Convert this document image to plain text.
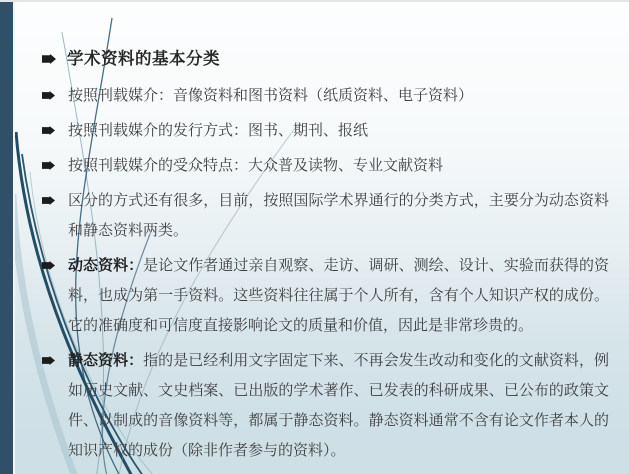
学术资料的基本分类

按照刊载媒介：音像资料和图书资料（纸质资料、电子资料）

按照刊载媒介的发行方式：图书、期刊、报纸

按照刊载媒介的受众特点：大众普及读物、专业文献资料

区分的方式还有很多，目前，按照国际学术界通行的分类方式，主要分为动态资料和静态资料两类。

动态资料：是论文作者通过亲自观察、走访、调研、测绘、设计、实验而获得的资料，也成为第一手资料。这些资料往往属于个人所有，含有个人知识产权的成份。它的准确度和可信度直接影响论文的质量和价值，因此是非常珍贵的。

静态资料：指的是已经利用文字固定下来、不再会发生改动和变化的文献资料，例如历史文献、文史档案、已出版的学术著作、已发表的科研成果、已公布的政策文件、以制成的音像资料等，都属于静态资料。静态资料通常不含有论文作者本人的知识产权的成份（除非作者参与的资料）。
